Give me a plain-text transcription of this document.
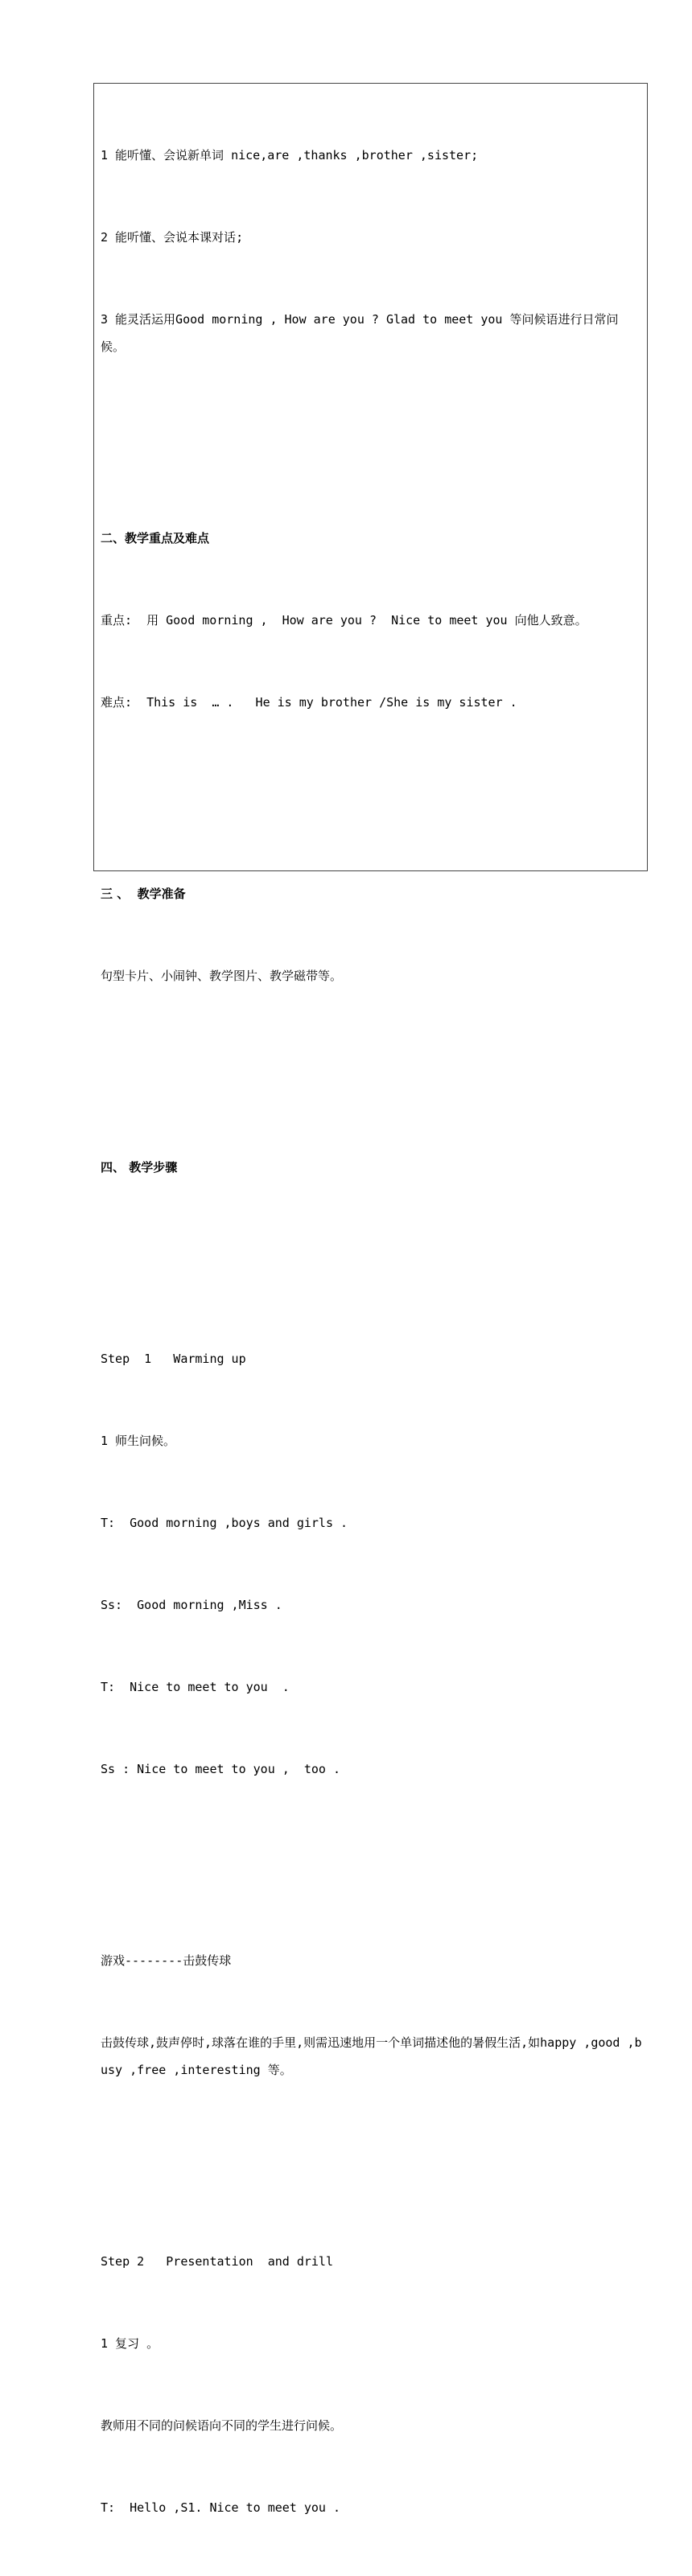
1 能听懂、会说新单词 nice,are ,thanks ,brother ,sister;

2 能听懂、会说本课对话;

3 能灵活运用Good morning , How are you ? Glad to meet you 等问候语进行日常问候。

二、教学重点及难点

重点:  用 Good morning ,  How are you ?  Nice to meet you 向他人致意。

难点:  This is  … .   He is my brother /She is my sister .

三 、  教学准备

句型卡片、小闹钟、教学图片、教学磁带等。

四、 教学步骤

Step  1   Warming up

1 师生问候。

T:  Good morning ,boys and girls .

Ss:  Good morning ,Miss .

T:  Nice to meet to you  .

Ss : Nice to meet to you ,  too .

游戏--------击鼓传球

击鼓传球,鼓声停时,球落在谁的手里,则需迅速地用一个单词描述他的暑假生活,如happy ,good ,busy ,free ,interesting 等。

Step 2   Presentation  and drill

1 复习 。

教师用不同的问候语向不同的学生进行问候。

T:  Hello ,S1. Nice to meet you .
